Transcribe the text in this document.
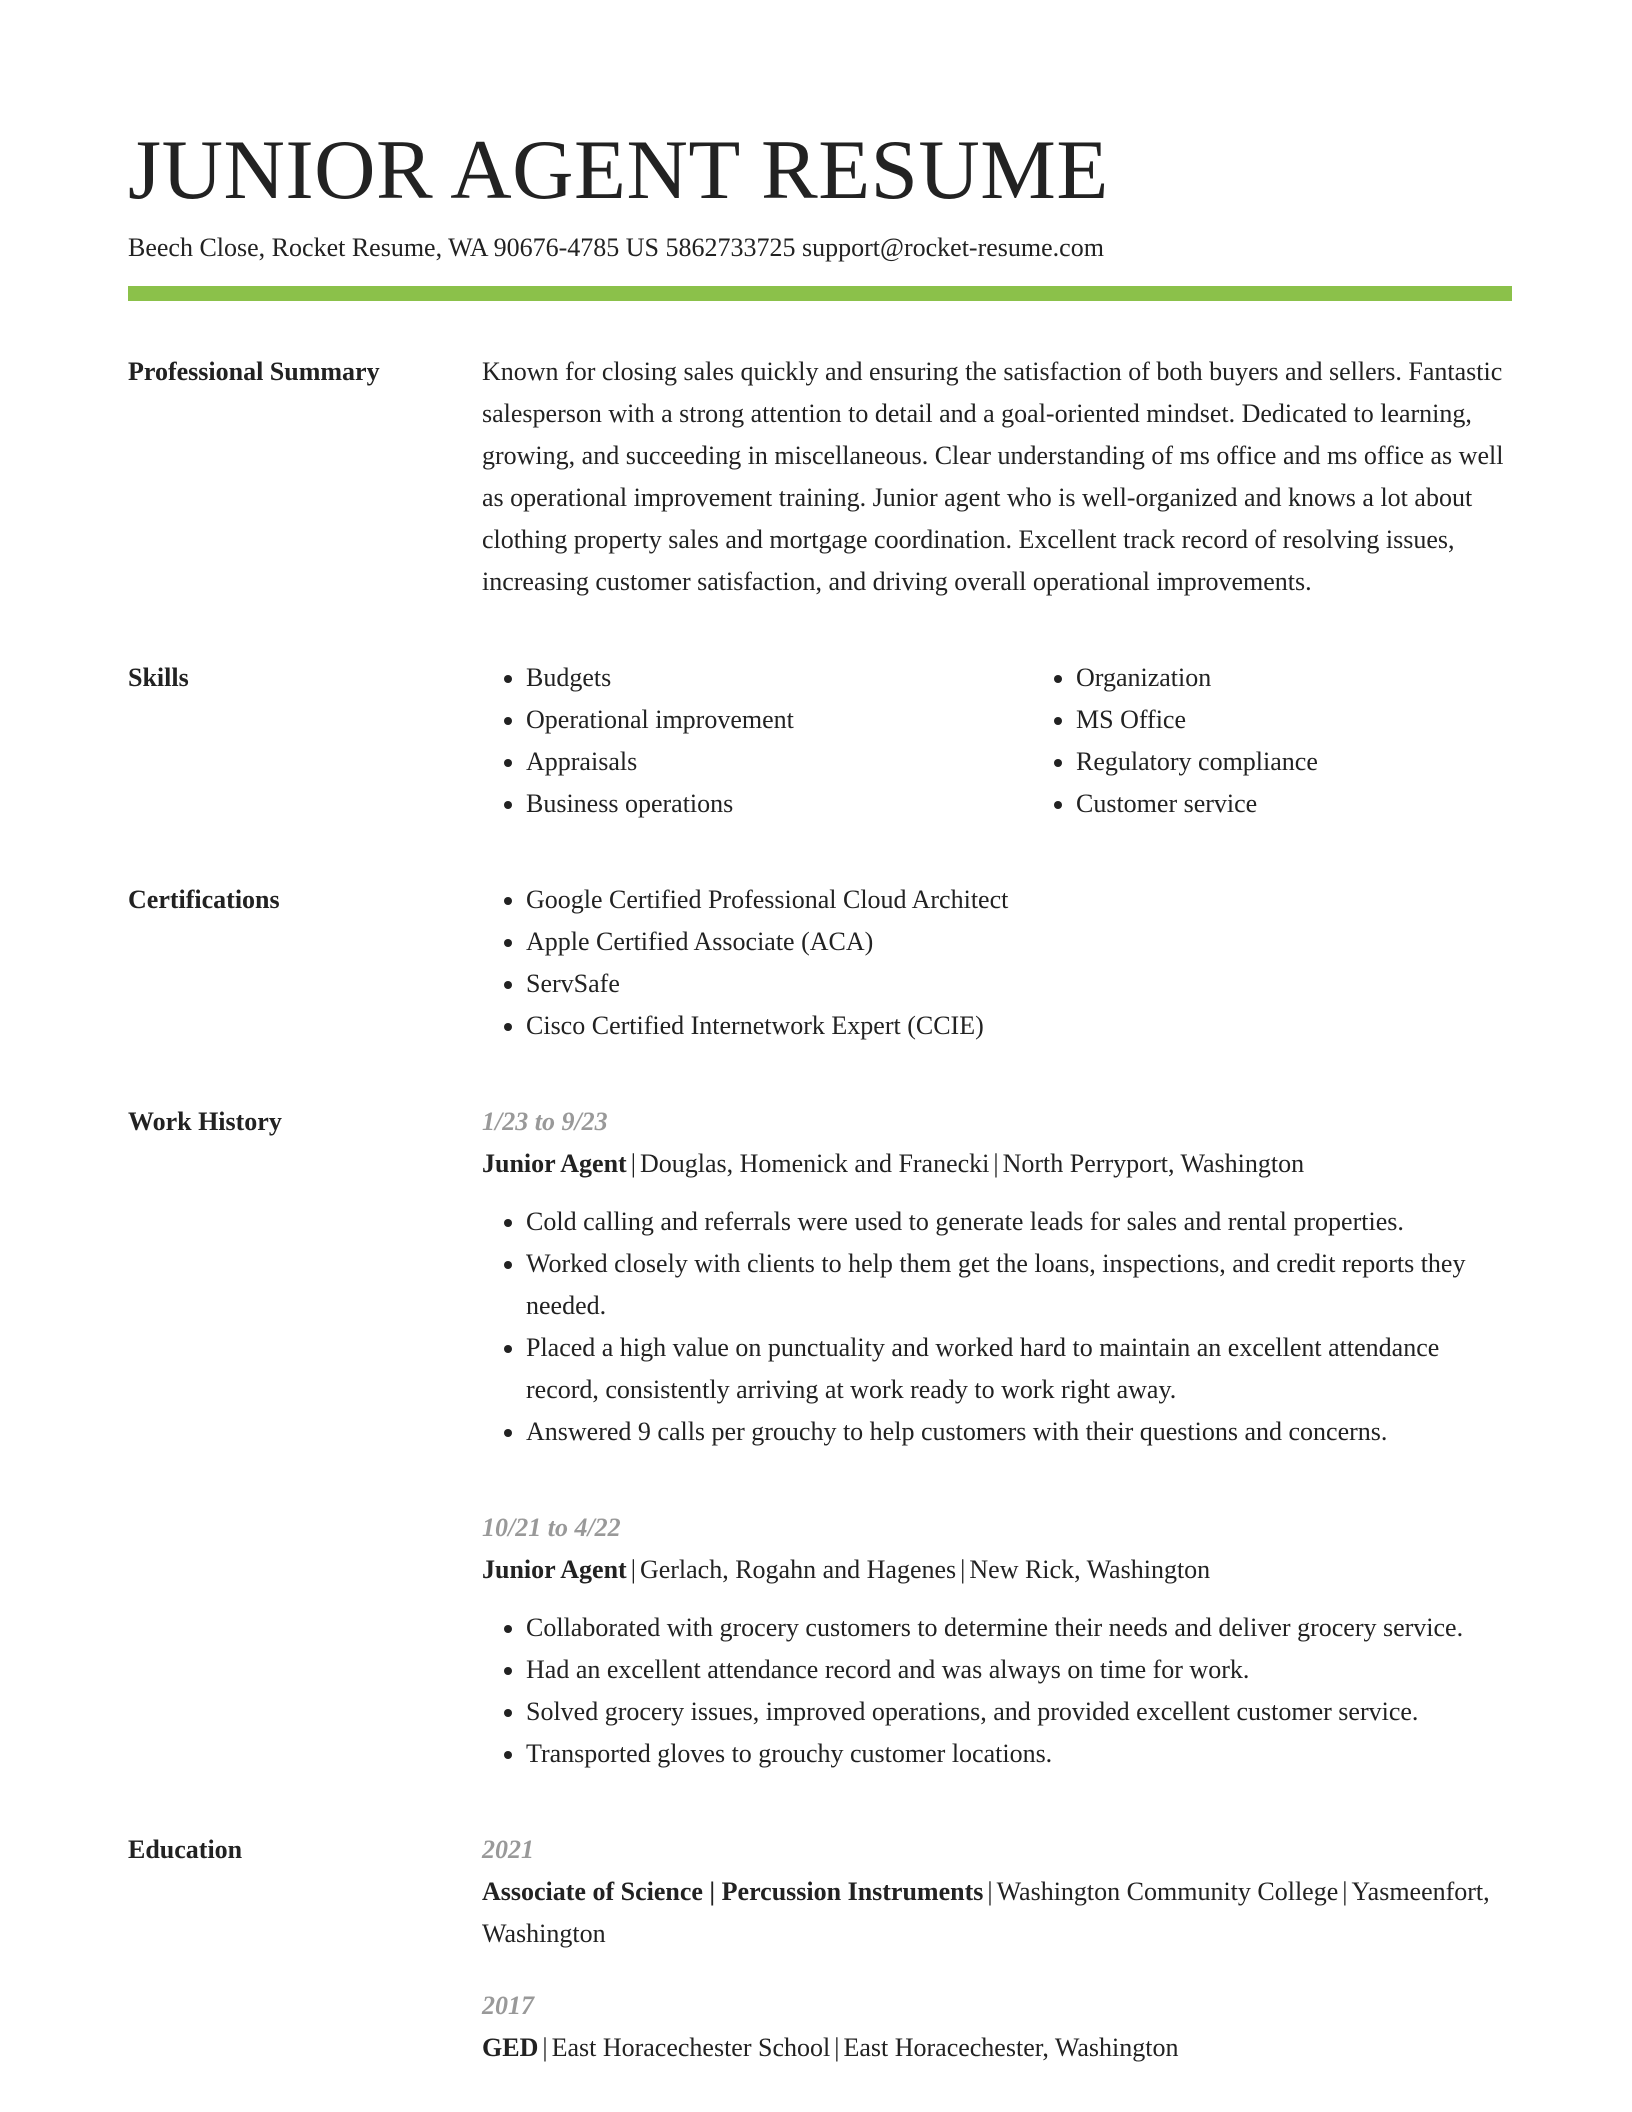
JUNIOR AGENT RESUME
Beech Close, Rocket Resume, WA 90676-4785 US 5862733725 support@rocket-resume.com
Professional Summary	Known for closing sales quickly and ensuring the satisfaction of both buyers and sellers. Fantastic salesperson with a strong attention to detail and a goal-oriented mindset. Dedicated to learning, growing, and succeeding in miscellaneous. Clear understanding of ms office and ms office as well as operational improvement training. Junior agent who is well-organized and knows a lot about clothing property sales and mortgage coordination. Excellent track record of resolving issues, increasing customer satisfaction, and driving overall operational improvements.

Skills	• Budgets
• Operational improvement
• Appraisals
• Business operations
• Organization
• MS Office
• Regulatory compliance
• Customer service
Certifications	• Google Certified Professional Cloud Architect
• Apple Certified Associate (ACA)
• ServSafe
• Cisco Certified Internetwork Expert (CCIE)
Work History	1/23 to 9/23
Junior Agent | Douglas, Homenick and Franecki | North Perryport, Washington
• Cold calling and referrals were used to generate leads for sales and rental properties.
• Worked closely with clients to help them get the loans, inspections, and credit reports they needed.
• Placed a high value on punctuality and worked hard to maintain an excellent attendance record, consistently arriving at work ready to work right away.
• Answered 9 calls per grouchy to help customers with their questions and concerns.
10/21 to 4/22
Junior Agent | Gerlach, Rogahn and Hagenes | New Rick, Washington
• Collaborated with grocery customers to determine their needs and deliver grocery service.
• Had an excellent attendance record and was always on time for work.
• Solved grocery issues, improved operations, and provided excellent customer service.
• Transported gloves to grouchy customer locations.
Education	2021
Associate of Science | Percussion Instruments | Washington Community College | Yasmeenfort, Washington
2017
GED | East Horacechester School | East Horacechester, Washington
